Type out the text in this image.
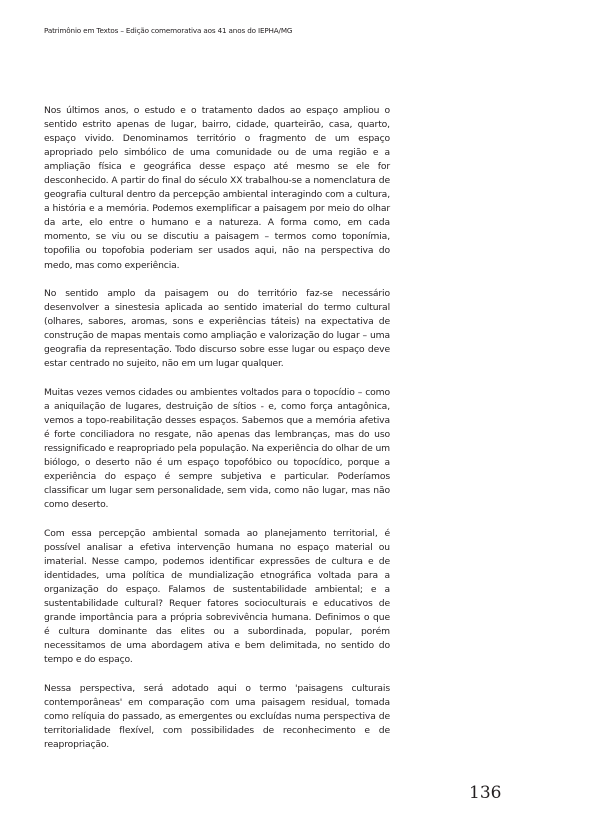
Patrimônio em Textos – Edição comemorativa aos 41 anos do IEPHA/MG

Nos últimos anos, o estudo e o tratamento dados ao espaço ampliou o sentido estrito apenas de lugar, bairro, cidade, quarteirão, casa, quarto, espaço vivido. Denominamos território o fragmento de um espaço apropriado pelo simbólico de uma comunidade ou de uma região e a ampliação física e geográfica desse espaço até mesmo se ele for desconhecido. A partir do final do século XX trabalhou-se a nomenclatura de geografia cultural dentro da percepção ambiental interagindo com a cultura, a história e a memória. Podemos exemplificar a paisagem por meio do olhar da arte, elo entre o humano e a natureza. A forma como, em cada momento, se viu ou se discutiu a paisagem – termos como toponímia, topofilia ou topofobia poderiam ser usados aqui, não na perspectiva do medo, mas como experiência.

No sentido amplo da paisagem ou do território faz-se necessário desenvolver a sinestesia aplicada ao sentido imaterial do termo cultural (olhares, sabores, aromas, sons e experiências táteis) na expectativa de construção de mapas mentais como ampliação e valorização do lugar – uma geografia da representação. Todo discurso sobre esse lugar ou espaço deve estar centrado no sujeito, não em um lugar qualquer.

Muitas vezes vemos cidades ou ambientes voltados para o topocídio – como a aniquilação de lugares, destruição de sítios - e, como força antagônica, vemos a topo-reabilitação desses espaços. Sabemos que a memória afetiva é forte conciliadora no resgate, não apenas das lembranças, mas do uso ressignificado e reapropriado pela população. Na experiência do olhar de um biólogo, o deserto não é um espaço topofóbico ou topocídico, porque a experiência do espaço é sempre subjetiva e particular. Poderíamos classificar um lugar sem personalidade, sem vida, como não lugar, mas não como deserto.

Com essa percepção ambiental somada ao planejamento territorial, é possível analisar a efetiva intervenção humana no espaço material ou imaterial. Nesse campo, podemos identificar expressões de cultura e de identidades, uma política de mundialização etnográfica voltada para a organização do espaço. Falamos de sustentabilidade ambiental; e a sustentabilidade cultural? Requer fatores socioculturais e educativos de grande importância para a própria sobrevivência humana. Definimos o que é cultura dominante das elites ou a subordinada, popular, porém necessitamos de uma abordagem ativa e bem delimitada, no sentido do tempo e do espaço.

Nessa perspectiva, será adotado aqui o termo 'paisagens culturais contemporâneas' em comparação com uma paisagem residual, tomada como relíquia do passado, as emergentes ou excluídas numa perspectiva de territorialidade flexível, com possibilidades de reconhecimento e de reapropriação.

136
